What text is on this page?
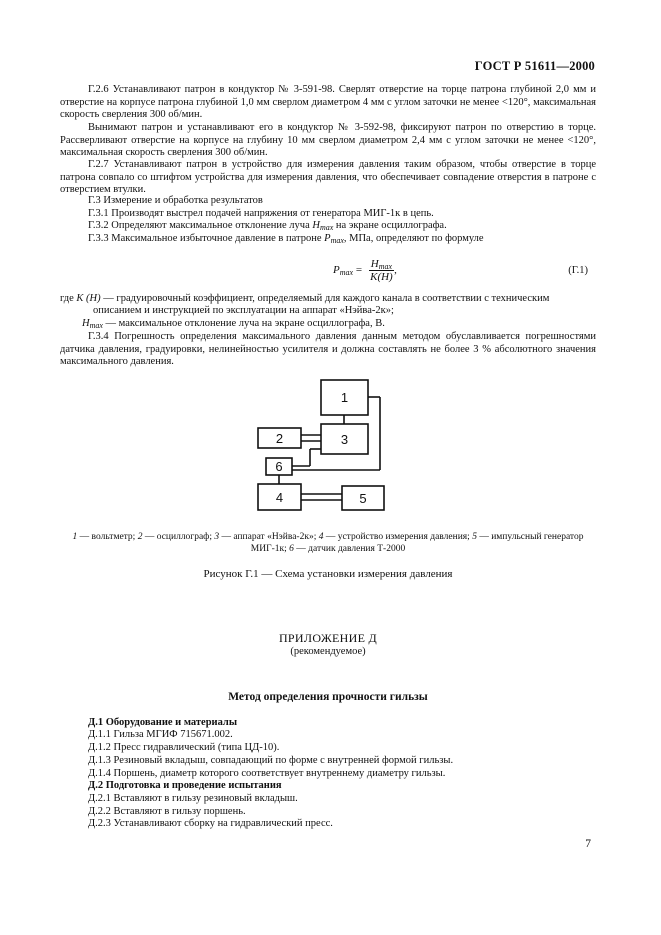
ГОСТ Р 51611—2000
Г.2.6 Устанавливают патрон в кондуктор № 3-591-98. Сверлят отверстие на торце патрона глубиной 2,0 мм и отверстие на корпусе патрона глубиной 1,0 мм сверлом диаметром 4 мм с углом заточки не менее <120°, максимальная скорость сверления 300 об/мин.
Вынимают патрон и устанавливают его в кондуктор № 3-592-98, фиксируют патрон по отверстию в торце. Рассверливают отверстие на корпусе на глубину 10 мм сверлом диаметром 2,4 мм с углом заточки не менее <120°, максимальная скорость сверления 300 об/мин.
Г.2.7 Устанавливают патрон в устройство для измерения давления таким образом, чтобы отверстие в торце патрона совпало со штифтом устройства для измерения давления, что обеспечивает совпадение отверстия в патроне с отверстием втулки.
Г.3 Измерение и обработка результатов
Г.3.1 Производят выстрел подачей напряжения от генератора МИГ-1к в цепь.
Г.3.2 Определяют максимальное отклонение луча $H_{max}$ на экране осциллографа.
Г.3.3 Максимальное избыточное давление в патроне $P_{max}$, МПа, определяют по формуле
$P_{max} = \frac{H_{max}}{K(H)}$ ,	(Г.1)
где K (H) — градуировочный коэффициент, определяемый для каждого канала в соответствии с техническим
описанием и инструкцией по эксплуатации на аппарат «Нэйва-2к»;
$H_{max}$ — максимальное отклонение луча на экране осциллографа, В.
Г.3.4 Погрешность определения максимального давления данным методом обуславливается погрешностями датчика давления, градуировки, нелинейностью усилителя и должна составлять не более 3 % абсолютного значения максимального давления.
1
2	3
6
4	5
1 — вольтметр; 2 — осциллограф; 3 — аппарат «Нэйва-2к»; 4 — устройство измерения давления; 5 — импульсный генератор МИГ-1к; 6 — датчик давления Т-2000
Рисунок Г.1 — Схема установки измерения давления
ПРИЛОЖЕНИЕ Д
(рекомендуемое)
Метод определения прочности гильзы
Д.1 Оборудование и материалы
Д.1.1 Гильза МГИФ 715671.002.
Д.1.2 Пресс гидравлический (типа ЦД-10).
Д.1.3 Резиновый вкладыш, совпадающий по форме с внутренней формой гильзы.
Д.1.4 Поршень, диаметр которого соответствует внутреннему диаметру гильзы.
Д.2 Подготовка и проведение испытания
Д.2.1 Вставляют в гильзу резиновый вкладыш.
Д.2.2 Вставляют в гильзу поршень.
Д.2.3 Устанавливают сборку на гидравлический пресс.
7
